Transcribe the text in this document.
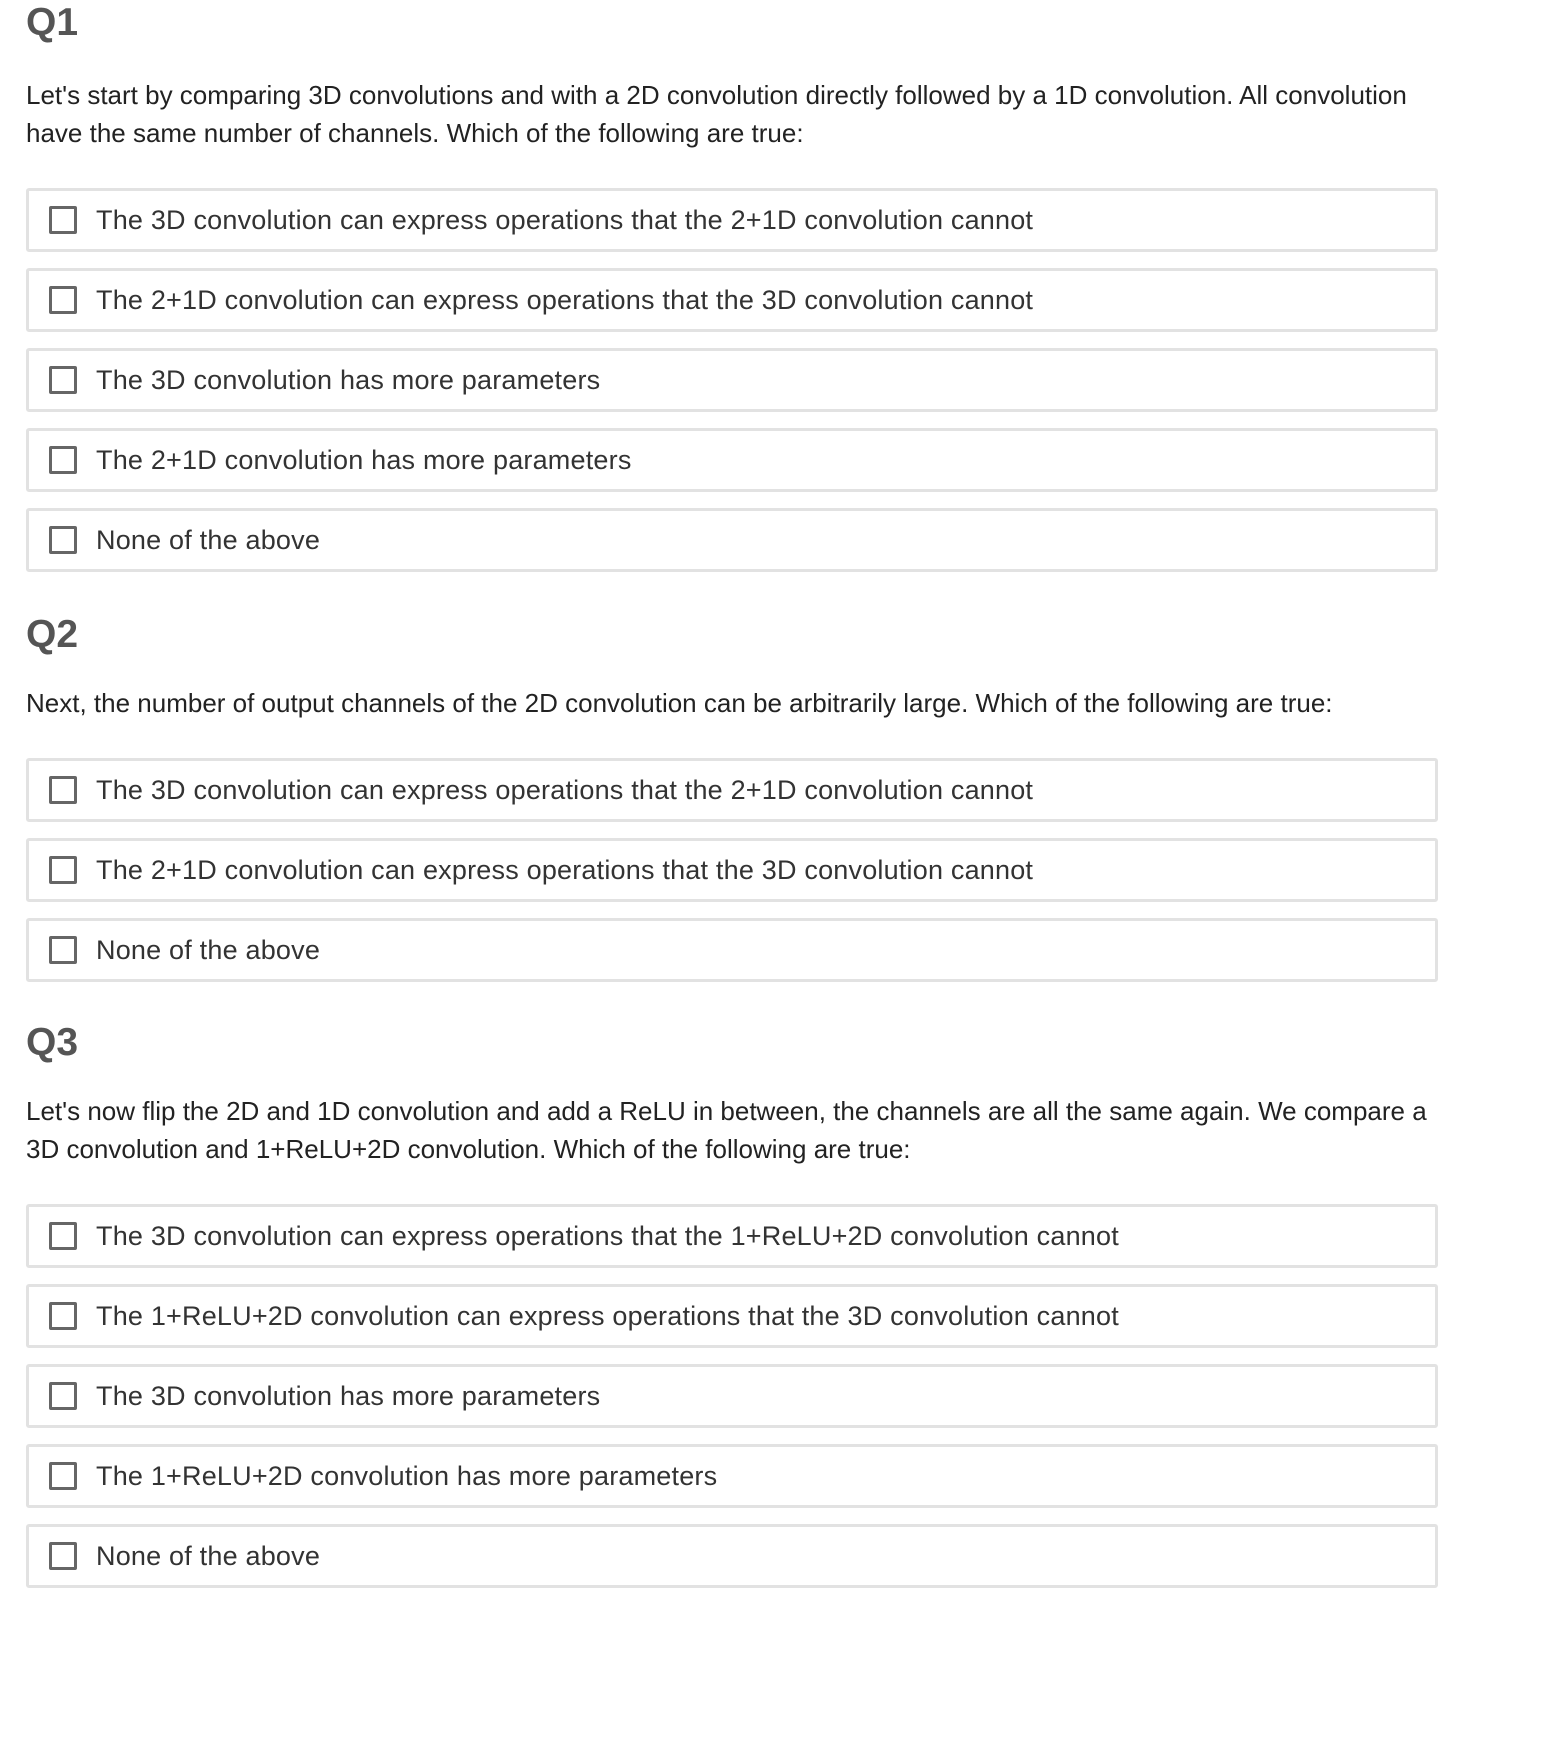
Q1

Let's start by comparing 3D convolutions and with a 2D convolution directly followed by a 1D convolution. All convolution have the same number of channels. Which of the following are true:

The 3D convolution can express operations that the 2+1D convolution cannot
The 2+1D convolution can express operations that the 3D convolution cannot
The 3D convolution has more parameters
The 2+1D convolution has more parameters
None of the above
Q2

Next, the number of output channels of the 2D convolution can be arbitrarily large. Which of the following are true:

The 3D convolution can express operations that the 2+1D convolution cannot
The 2+1D convolution can express operations that the 3D convolution cannot
None of the above
Q3

Let's now flip the 2D and 1D convolution and add a ReLU in between, the channels are all the same again. We compare a 3D convolution and 1+ReLU+2D convolution. Which of the following are true:

The 3D convolution can express operations that the 1+ReLU+2D convolution cannot
The 1+ReLU+2D convolution can express operations that the 3D convolution cannot
The 3D convolution has more parameters
The 1+ReLU+2D convolution has more parameters
None of the above
